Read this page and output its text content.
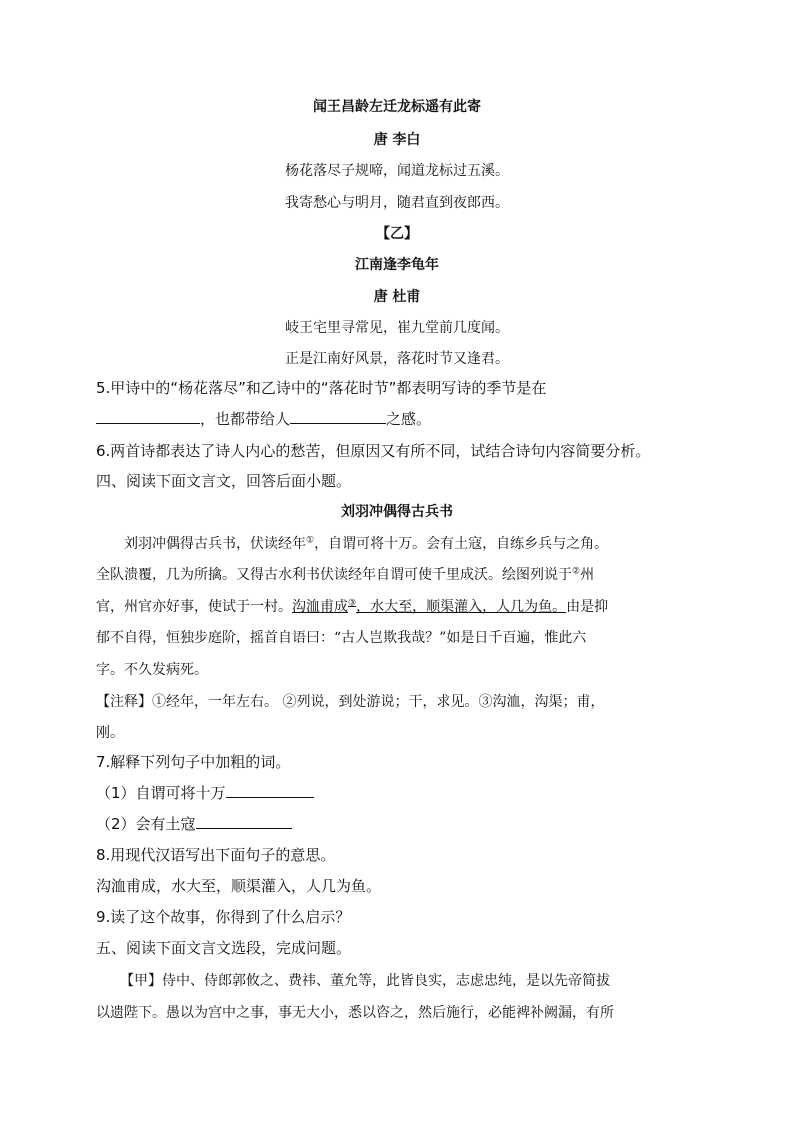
闻王昌龄左迁龙标遥有此寄
唐 李白
杨花落尽子规啼，闻道龙标过五溪。
我寄愁心与明月，随君直到夜郎西。
【乙】
江南逢李龟年
唐 杜甫
岐王宅里寻常见，崔九堂前几度闻。
正是江南好风景，落花时节又逢君。
5.甲诗中的“杨花落尽”和乙诗中的“落花时节”都表明写诗的季节是在
，也都带给人	之感。
6.两首诗都表达了诗人内心的愁苦，但原因又有所不同，试结合诗句内容简要分析。
四、阅读下面文言文，回答后面小题。
刘羽冲偶得古兵书
刘羽冲偶得古兵书，伏读经年①，自谓可将十万。会有土寇，自练乡兵与之角。
全队溃覆，几为所擒。又得古水利书伏读经年自谓可使千里成沃。绘图列说于②州
官，州官亦好事，使试于一村。沟洫甫成③，水大至，顺渠灌入，人几为鱼。由是抑
郁不自得，恒独步庭阶，摇首自语曰：“古人岂欺我哉？”如是日千百遍，惟此六
字。不久发病死。
【注释】①经年，一年左右。 ②列说，到处游说；干，求见。③沟洫，沟渠；甫，
刚。
7.解释下列句子中加粗的词。
（1）自谓可将十万
（2）会有土寇
8.用现代汉语写出下面句子的意思。
沟洫甫成，水大至，顺渠灌入，人几为鱼。
9.读了这个故事，你得到了什么启示？
五、阅读下面文言文选段，完成问题。
【甲】侍中、侍郎郭攸之、费祎、董允等，此皆良实，志虑忠纯，是以先帝简拔
以遗陛下。愚以为宫中之事，事无大小，悉以咨之，然后施行，必能裨补阙漏，有所
